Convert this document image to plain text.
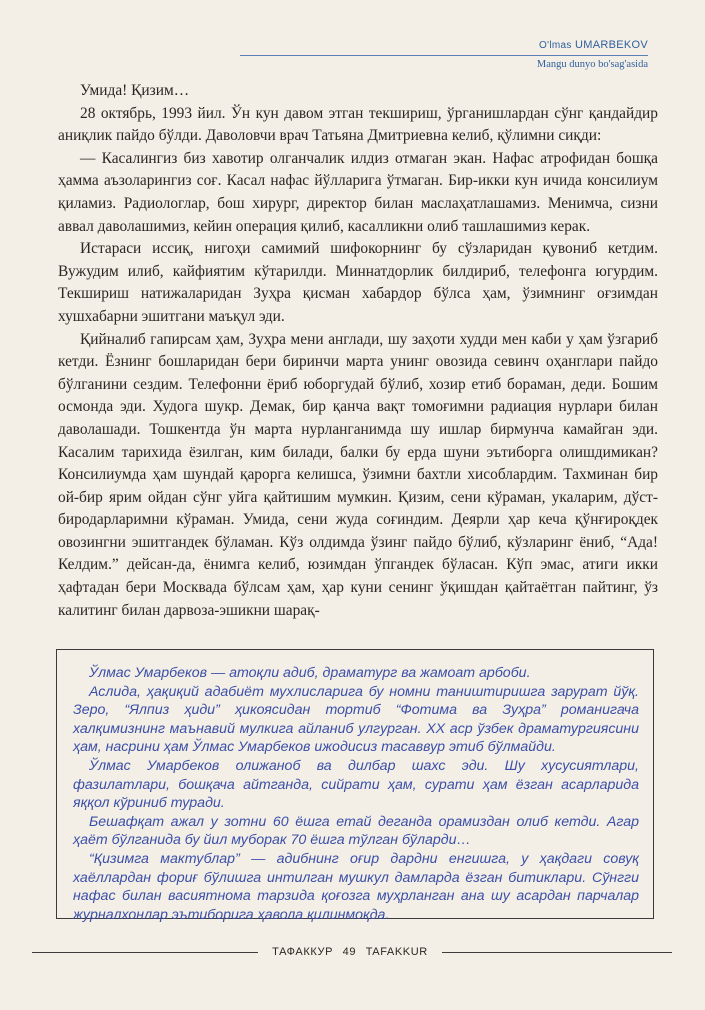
O'lmas UMARBEKOV
Mangu dunyo bo'sag'asida

Умида! Қизим…

28 октябрь, 1993 йил. Ўн кун давом этган текшириш, ўрганишлардан сўнг қандайдир аниқлик пайдо бўлди. Даволовчи врач Татьяна Дмитриевна келиб, қўлимни сиқди:

— Касалингиз биз хавотир олганчалик илдиз отмаган экан. Нафас атрофидан бошқа ҳамма аъзоларингиз соғ. Касал нафас йўлларига ўтмаган. Бир-икки кун ичида консилиум қиламиз. Радиологлар, бош хирург, директор билан маслаҳатлашамиз. Менимча, сизни аввал даволашимиз, кейин операция қилиб, касалликни олиб ташлашимиз керак.

Истараси иссиқ, нигоҳи самимий шифокорнинг бу сўзларидан қувониб кетдим. Вужудим илиб, кайфиятим кўтарилди. Миннатдорлик билдириб, телефонга югурдим. Текшириш натижаларидан Зуҳра қисман хабардор бўлса ҳам, ўзимнинг оғзимдан хушхабарни эшитгани маъқул эди.

Қийналиб гапирсам ҳам, Зуҳра мени англади, шу заҳоти худди мен каби у ҳам ўзгариб кетди. Ёзнинг бошларидан бери биринчи марта унинг овозида севинч оҳанглари пайдо бўлганини сездим. Телефонни ёриб юборгудай бўлиб, хозир етиб бораман, деди. Бошим осмонда эди. Худога шукр. Демак, бир қанча вақт томоғимни радиация нурлари билан даволашади. Тошкентда ўн марта нурланганимда шу ишлар бирмунча камайган эди. Касалим тарихида ёзилган, ким билади, балки бу ерда шуни эътиборга олишдимикан? Консилиумда ҳам шундай қарорга келишса, ўзимни бахтли хисоблардим. Тахминан бир ой-бир ярим ойдан сўнг уйга қайтишим мумкин. Қизим, сени кўраман, укаларим, дўст-биродарларимни кўраман. Умида, сени жуда соғиндим. Деярли ҳар кеча қўнғироқдек овозингни эшитгандек бўламан. Кўз олдимда ўзинг пайдо бўлиб, кўзларинг ёниб, “Ада! Келдим.” дейсан-да, ёнимга келиб, юзимдан ўпгандек бўласан. Кўп эмас, атиги икки ҳафтадан бери Москвада бўлсам ҳам, ҳар куни сенинг ўқишдан қайтаётган пайтинг, ўз калитинг билан дарвоза-эшикни шарақ-

Ўлмас Умарбеков — атоқли адиб, драматург ва жамоат арбоби.

Аслида, ҳақиқий адабиёт мухлисларига бу номни таништиришга зарурат йўқ. Зеро, “Ялпиз ҳиди” ҳикоясидан тортиб “Фотима ва Зуҳра” романигача халқимизнинг маънавий мулкига айланиб улгурган. XX аср ўзбек драматургиясини ҳам, насрини ҳам Ўлмас Умарбеков ижодисиз тасаввур этиб бўлмайди.

Ўлмас Умарбеков олижаноб ва дилбар шахс эди. Шу хусусиятлари, фазилатлари, бошқача айтганда, сийрати ҳам, сурати ҳам ёзган асарларида яққол кўриниб туради.

Бешафқат ажал у зотни 60 ёшга етай деганда орамиздан олиб кетди. Агар ҳаёт бўлганида бу йил муборак 70 ёшга тўлган бўларди…

“Қизимга мактублар” — адибнинг оғир дардни енгишга, у ҳақдаги совуқ хаёллардан фориғ бўлишга интилган мушкул дамларда ёзган битиклари. Сўнгги нафас билан васиятнома тарзида қоғозга муҳрланган ана шу асардан парчалар журналхонлар эътиборига ҳавола қилинмоқда.

ТАФАККУР 49 TAFAKKUR
